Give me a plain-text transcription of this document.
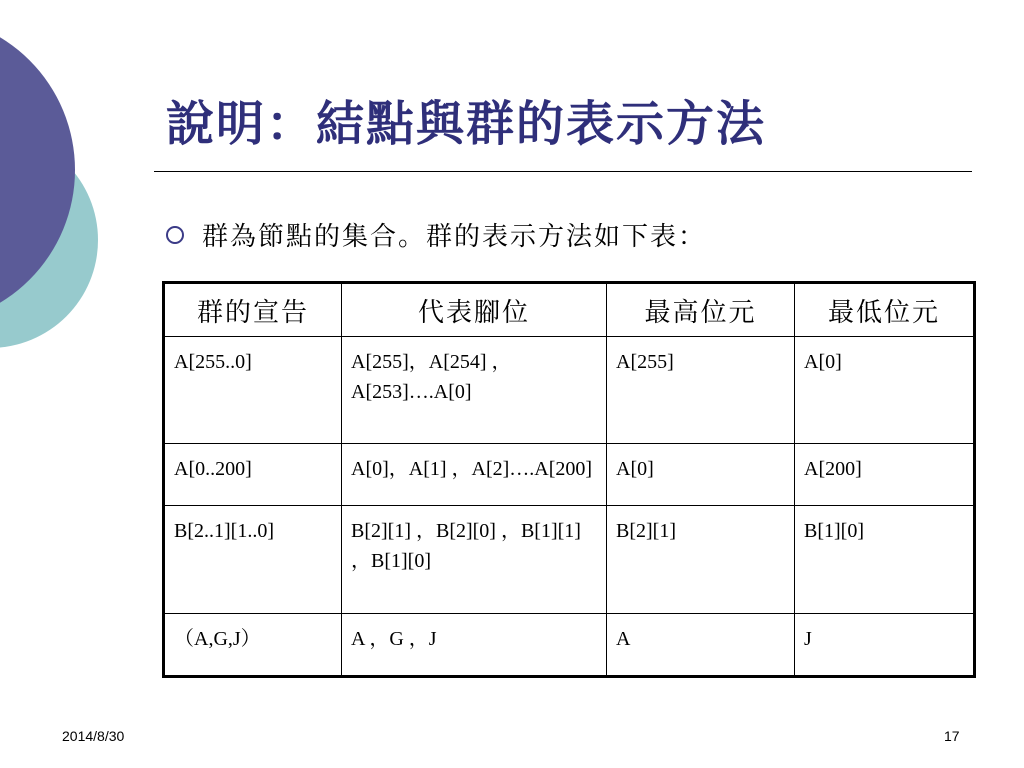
說明：結點與群的表示方法
群為節點的集合。群的表示方法如下表：
群的宣告	代表腳位	最高位元	最低位元
A[255..0]	A[255]，A[254] ，A[253]….A[0]	A[255]	A[0]
A[0..200]	A[0]，A[1] ，A[2]….A[200]	A[0]	A[200]
B[2..1][1..0]	B[2][1] ，B[2][0] ，B[1][1] ，B[1][0]	B[2][1]	B[1][0]
（A,G,J）	A ，G ，J	A	J
2014/8/30	17
